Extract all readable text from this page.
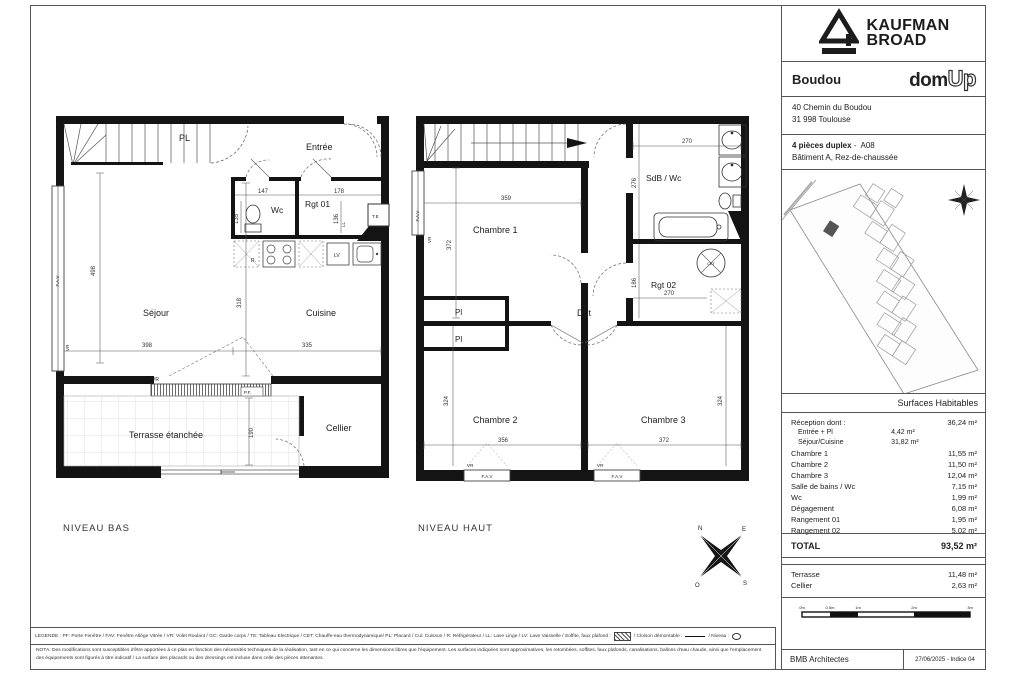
PL
Entrée
Wc
Rgt 01
T.E
147	178
135	136
LL
R.
LV
498
Séjour	Cuisine
318
398	335
VR
P.F.
Terrasse étanchée
Cellier
190
F.A.V
VR
CET
359
372
Chambre 1
270
276 SdB / Wc
Rgt 02
270
186
Pl
Pl
Dgt
Chambre 2
356
324
Chambre 3
372
324
F.A.V
VR
VR	VR
F.A.V	F.A.V
NIVEAU BAS	NIVEAU HAUT	N	E
O	S
KAUFMAN
BROAD
Boudou	domUp
40 Chemin du Boudou
31 998 Toulouse
4 pièces duplex - A08
Bâtiment A, Rez-de-chaussée
Surfaces Habitables
Réception dont :	36,24 m²
Entrée + Pl	4,42 m²
Séjour/Cuisine	31,82 m²
Chambre 1	11,55 m²
Chambre 2	11,50 m²
Chambre 3	12,04 m²
Salle de bains / Wc	7,15 m²
Wc	1,99 m²
Dégagement	6,08 m²
Rangement 01	1,95 m²
Rangement 02	5,02 m²
TOTAL	93,52 m²
Terrasse	11,48 m²
Cellier	2,63 m²
0m	0,5m	1m	2m	3m
BMB Architectes	27/06/2025 - Indice 04
LEGENDE : PF: Porte Fenêtre / FAV: Fenêtre Allège Vitrée / VR: Volet Roulant / GC: Garde corps / TE: Tableau Electrique / CET: Chauffe-eau thermodynamique/ PL: Placard / Cui: Cuisson / R: Réfrigérateur / LL: Lave Linge / LV: Lave Vaisselle / Soffite, faux plafond :	/ Cloison démontable :	/ Niveau :
NOTA: Des modifications sont susceptibles d'être apportées à ce plan en fonction des nécessités techniques de la réalisation, tant en ce qui concerne les dimensions libres que l'équipement. Les surfaces indiquées sont approximatives, les retombées, soffites, faux plafonds, canalisations, ballons d'eau chaude, ainsi que l'emplacement des équipements sont figurés à titre indicatif / La surface des placards ou des dressings est incluse dans celle des pièces attenantes.
